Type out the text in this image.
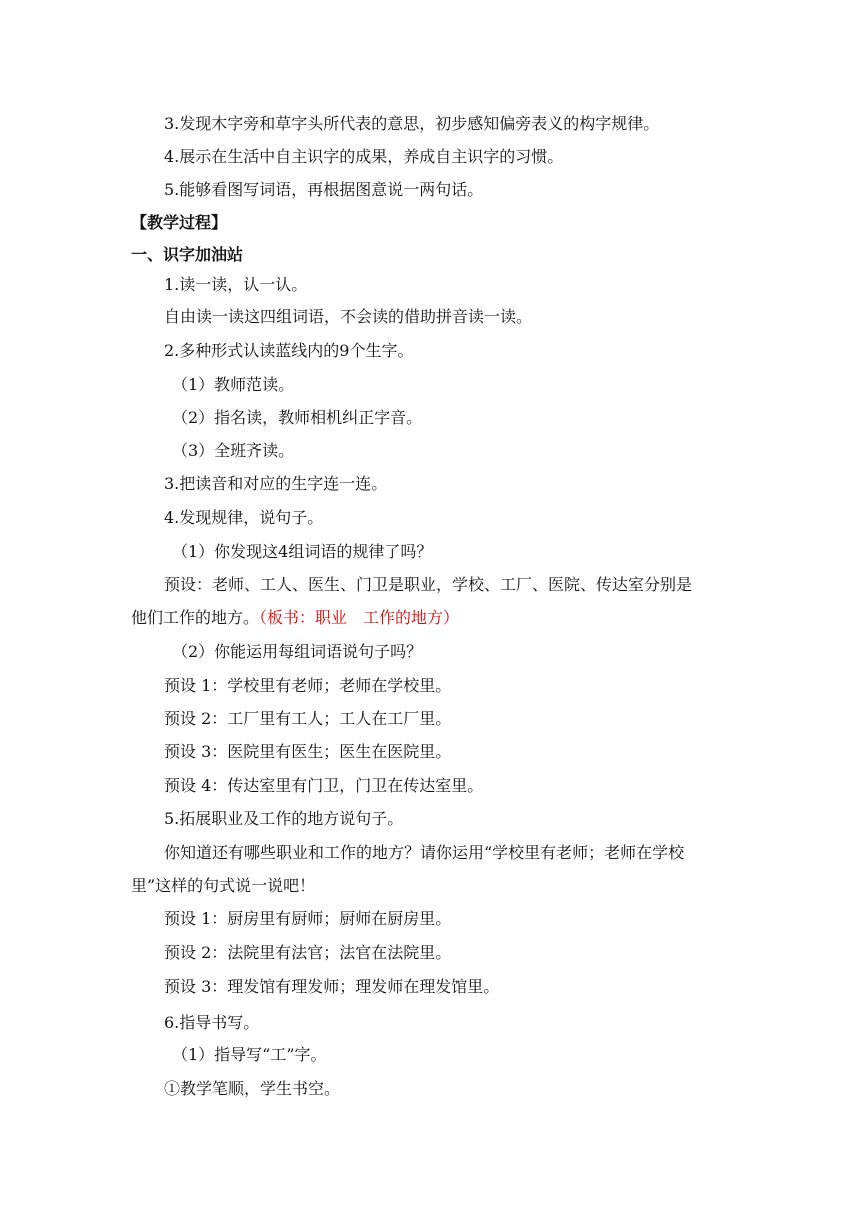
3.发现木字旁和草字头所代表的意思，初步感知偏旁表义的构字规律。
4.展示在生活中自主识字的成果，养成自主识字的习惯。
5.能够看图写词语，再根据图意说一两句话。
【教学过程】
一、识字加油站
1.读一读，认一认。
自由读一读这四组词语，不会读的借助拼音读一读。
2.多种形式认读蓝线内的9个生字。
（1）教师范读。
（2）指名读，教师相机纠正字音。
（3）全班齐读。
3.把读音和对应的生字连一连。
4.发现规律，说句子。
（1）你发现这4组词语的规律了吗？
预设：老师、工人、医生、门卫是职业，学校、工厂、医院、传达室分别是
他们工作的地方。（板书：职业　工作的地方）
（2）你能运用每组词语说句子吗？
预设 1：学校里有老师；老师在学校里。
预设 2：工厂里有工人；工人在工厂里。
预设 3：医院里有医生；医生在医院里。
预设 4：传达室里有门卫，门卫在传达室里。
5.拓展职业及工作的地方说句子。
你知道还有哪些职业和工作的地方？请你运用“学校里有老师；老师在学校
里”这样的句式说一说吧！
预设 1：厨房里有厨师；厨师在厨房里。
预设 2：法院里有法官；法官在法院里。
预设 3：理发馆有理发师；理发师在理发馆里。
6.指导书写。
（1）指导写“工”字。
①教学笔顺，学生书空。
